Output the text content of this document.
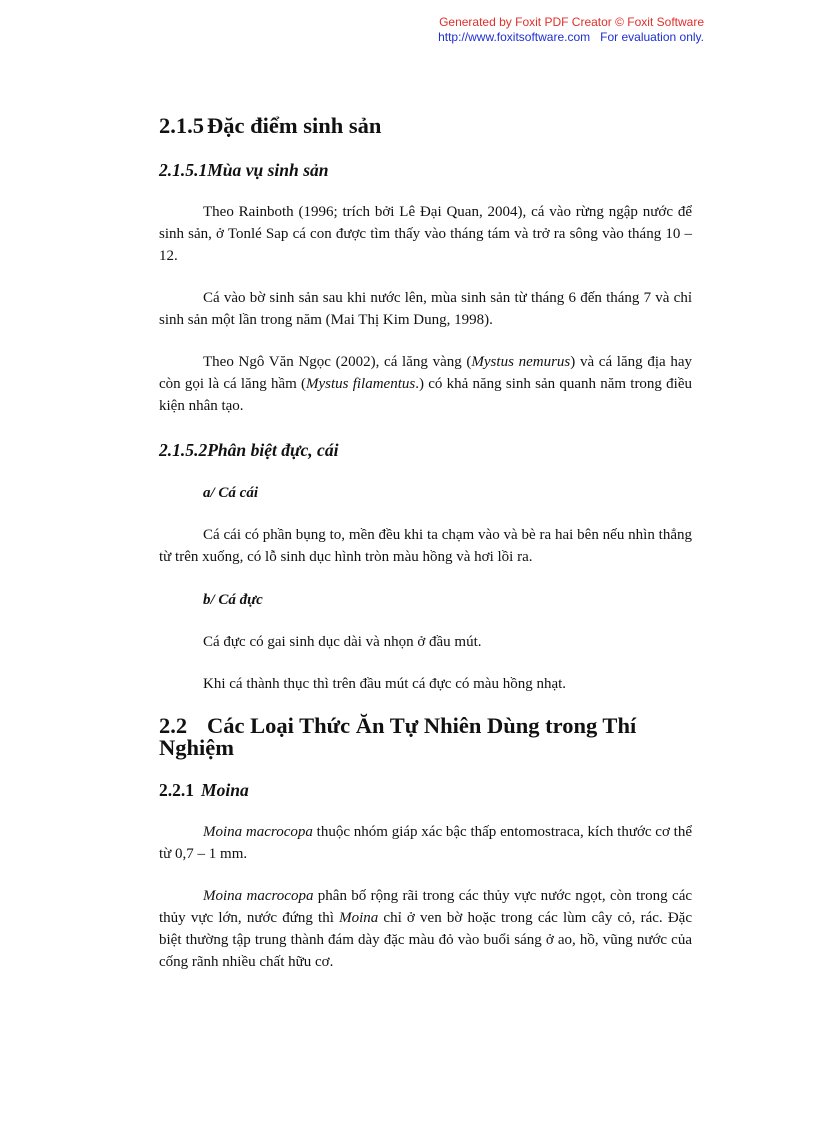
Generated by Foxit PDF Creator © Foxit Software
http://www.foxitsoftware.com For evaluation only.
2.1.5 Đặc điểm sinh sản
2.1.5.1Mùa vụ sinh sản

Theo Rainboth (1996; trích bởi Lê Đại Quan, 2004), cá vào rừng ngập nước để sinh sản, ở Tonlé Sap cá con được tìm thấy vào tháng tám và trở ra sông vào tháng 10 – 12.

Cá vào bờ sinh sản sau khi nước lên, mùa sinh sản từ tháng 6 đến tháng 7 và chỉ sinh sản một lần trong năm (Mai Thị Kim Dung, 1998).

Theo Ngô Văn Ngọc (2002), cá lăng vàng (Mystus nemurus) và cá lăng địa hay còn gọi là cá lăng hầm (Mystus filamentus.) có khả năng sinh sản quanh năm trong điều kiện nhân tạo.

2.1.5.2Phân biệt đực, cái
a/ Cá cái

Cá cái có phần bụng to, mền đều khi ta chạm vào và bè ra hai bên nếu nhìn thẳng từ trên xuống, có lỗ sinh dục hình tròn màu hồng và hơi lồi ra.

b/ Cá đực

Cá đực có gai sinh dục dài và nhọn ở đầu mút.

Khi cá thành thục thì trên đầu mút cá đực có màu hồng nhạt.

2.2 Các Loại Thức Ăn Tự Nhiên Dùng trong Thí Nghiệm
2.2.1 Moina

Moina macrocopa thuộc nhóm giáp xác bậc thấp entomostraca, kích thước cơ thể từ 0,7 – 1 mm.

Moina macrocopa phân bố rộng rãi trong các thủy vực nước ngọt, còn trong các thủy vực lớn, nước đứng thì Moina chỉ ở ven bờ hoặc trong các lùm cây cỏ, rác. Đặc biệt thường tập trung thành đám dày đặc màu đỏ vào buổi sáng ở ao, hồ, vũng nước của cống rãnh nhiều chất hữu cơ.
